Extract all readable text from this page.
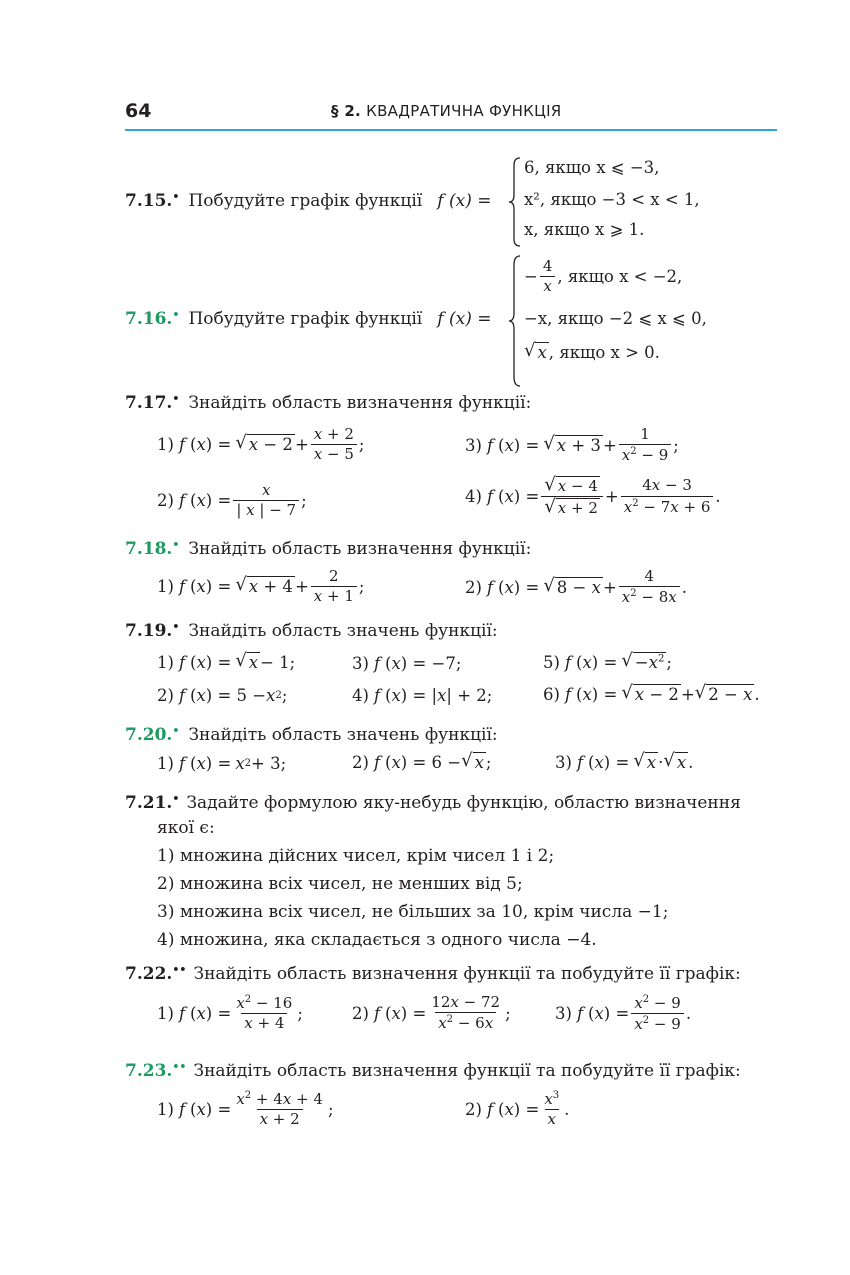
64	§ 2. КВАДРАТИЧНА ФУНКЦІЯ
7.15.• Побудуйте графік функції f (x) =
6, якщо x ⩽ −3,
x², якщо −3 < x < 1,
x, якщо x ⩾ 1.
7.16.• Побудуйте графік функції f (x) =
− $\frac{4}{x}$ , якщо x < −2,
−x, якщо −2 ⩽ x ⩽ 0,
√ x , якщо x > 0.
7.17.• Знайдіть область визначення функції:
1) f ( x ) = √ $x - 2 + \frac{x + 2}{x - 5}$ ;	3) f ( x ) = √ $x + 3 + \frac{1}{x^2 - 9}$ ;
2) f ( x ) = $\frac{x}{| x | - 7}$ ;	4) f ( x ) = $\frac{√ x - 4}{√ x + 2} + \frac{4x - 3}{x^2 - 7x + 6}$ .
7.18.• Знайдіть область визначення функції:
1) f ( x ) = √ $x + 4 + \frac{2}{x + 1}$ ;	2) f ( x ) = √ $8 - x + \frac{4}{x^2 - 8x}$ .
7.19.• Знайдіть область значень функції:
1) f ( x ) = √ x − 1;	3) f ( x ) = −7;	5) f ( x ) = √ $-x^2$ ;
2) f ( x ) = 5 − x 2 ;	4) f ( x ) = | x | + 2;	6) f ( x ) = √ x − 2 + √ 2 − x .
7.20.• Знайдіть область значень функції:
1) f ( x ) = x 2 + 3;	2) f ( x ) = 6 − √ x ;	3) f ( x ) = √ x · √ x .
7.21.• Задайте формулою яку-небудь функцію, областю визначення
якої є:
1) множина дійсних чисел, крім чисел 1 і 2;
2) множина всіх чисел, не менших від 5;
3) множина всіх чисел, не більших за 10, крім числа −1;
4) множина, яка складається з одного числа −4.
7.22.•• Знайдіть область визначення функції та побудуйте її графік:
1) f ( x ) = $\frac{x^2 - 16}{x + 4}$ ;	2) f ( x ) = $\frac{12x - 72}{x^2 - 6x}$ ;	3) f ( x ) = $\frac{x^2 - 9}{x^2 - 9}$ .
7.23.•• Знайдіть область визначення функції та побудуйте її графік:
1) f ( x ) = $\frac{x^2 + 4x + 4}{x + 2}$ ;	2) f ( x ) = $\frac{x^3}{x}$ .
